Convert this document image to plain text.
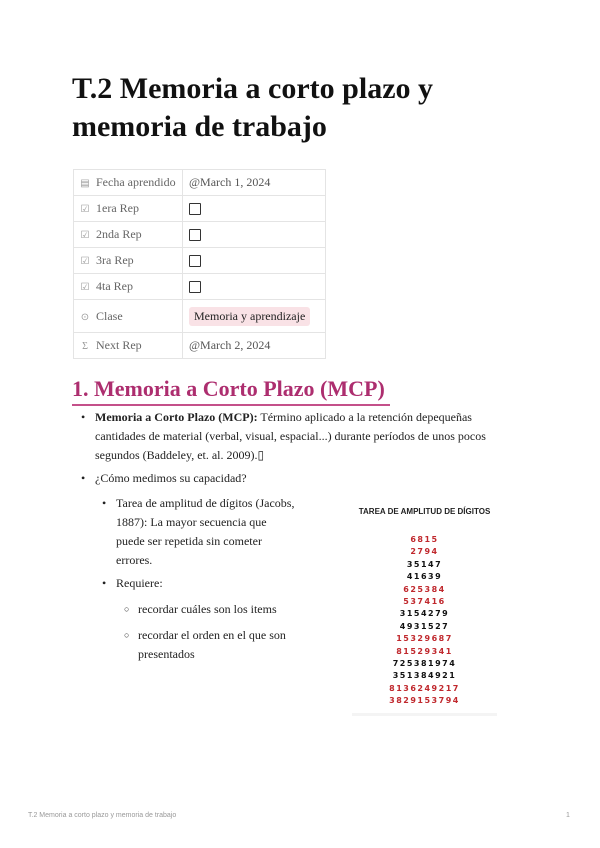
T.2 Memoria a corto plazo y memoria de trabajo
▤ Fecha aprendido	@March 1, 2024
☑ 1era Rep	
☑ 2nda Rep	
☑ 3ra Rep	
☑ 4ta Rep	
⊙ Clase	Memoria y aprendizaje
Σ Next Rep	@March 2, 2024
1. Memoria a Corto Plazo (MCP)
• Memoria a Corto Plazo (MCP): Término aplicado a la retención depequeñas
cantidades de material (verbal, visual, espacial...) durante períodos de unos pocos
segundos (Baddeley, et. al. 2009).▯
• ¿Cómo medimos su capacidad?
• Tarea de amplitud de dígitos (Jacobs,
1887): La mayor secuencia que
puede ser repetida sin cometer
errores.
• Requiere:
○ recordar cuáles son los items
○ recordar el orden en el que son
presentados
TAREA DE AMPLITUD DE DÍGITOS
6815
2794
35147
41639
625384
537416
3154279
4931527
15329687
81529341
725381974
351384921
8136249217
3829153794
T.2 Memoria a corto plazo y memoria de trabajo	1
